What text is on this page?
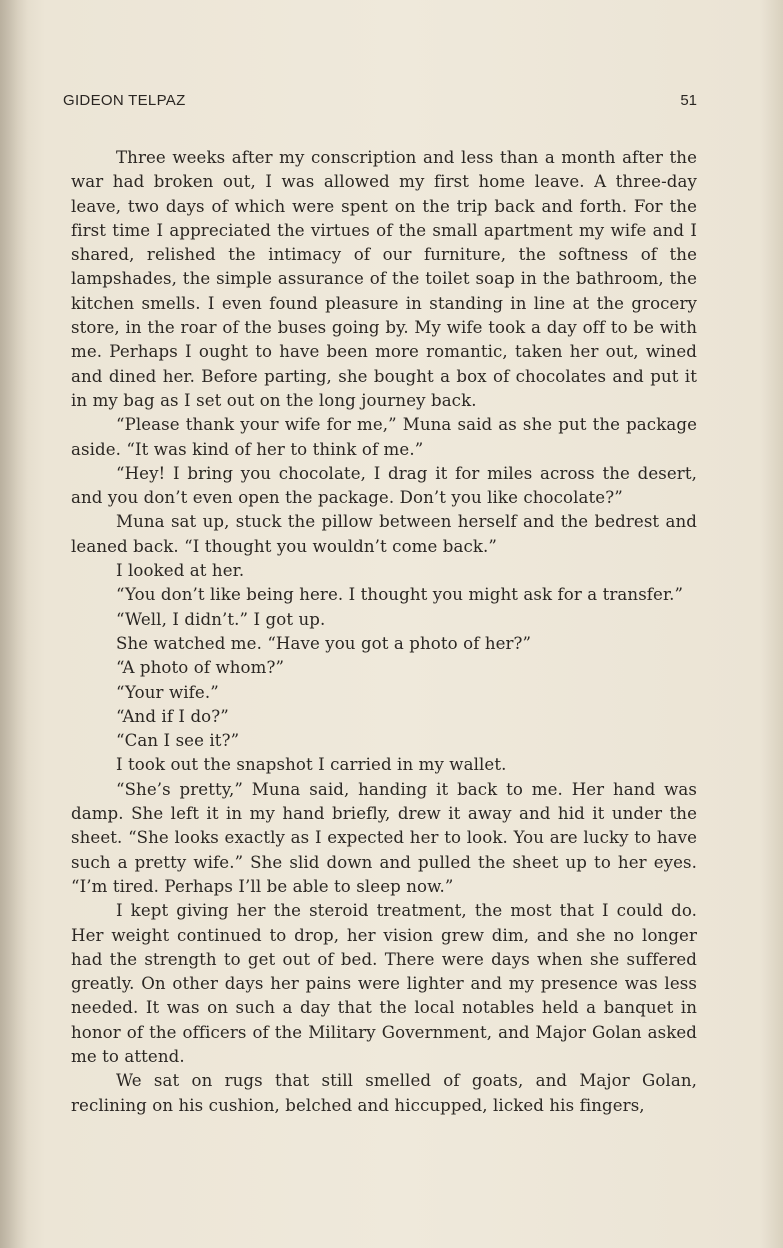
GIDEON TELPAZ	51

Three weeks after my conscription and less than a month after the war had broken out, I was allowed my first home leave. A three-day leave, two days of which were spent on the trip back and forth. For the first time I appreciated the virtues of the small apartment my wife and I shared, relished the intimacy of our furniture, the softness of the lampshades, the simple assurance of the toilet soap in the bathroom, the kitchen smells. I even found pleasure in standing in line at the grocery store, in the roar of the buses going by. My wife took a day off to be with me. Perhaps I ought to have been more romantic, taken her out, wined and dined her. Before parting, she bought a box of chocolates and put it in my bag as I set out on the long journey back.

“Please thank your wife for me,” Muna said as she put the package aside. “It was kind of her to think of me.”

“Hey! I bring you chocolate, I drag it for miles across the desert, and you don’t even open the package. Don’t you like chocolate?”

Muna sat up, stuck the pillow between herself and the bedrest and leaned back. “I thought you wouldn’t come back.”

I looked at her.

“You don’t like being here. I thought you might ask for a transfer.”

“Well, I didn’t.” I got up.

She watched me. “Have you got a photo of her?”

“A photo of whom?”

“Your wife.”

“And if I do?”

“Can I see it?”

I took out the snapshot I carried in my wallet.

“She’s pretty,” Muna said, handing it back to me. Her hand was damp. She left it in my hand briefly, drew it away and hid it under the sheet. “She looks exactly as I expected her to look. You are lucky to have such a pretty wife.” She slid down and pulled the sheet up to her eyes. “I’m tired. Perhaps I’ll be able to sleep now.”

I kept giving her the steroid treatment, the most that I could do. Her weight continued to drop, her vision grew dim, and she no longer had the strength to get out of bed. There were days when she suffered greatly. On other days her pains were lighter and my presence was less needed. It was on such a day that the local notables held a banquet in honor of the officers of the Military Government, and Major Golan asked me to attend.

We sat on rugs that still smelled of goats, and Major Golan, reclining on his cushion, belched and hiccupped, licked his fingers,
